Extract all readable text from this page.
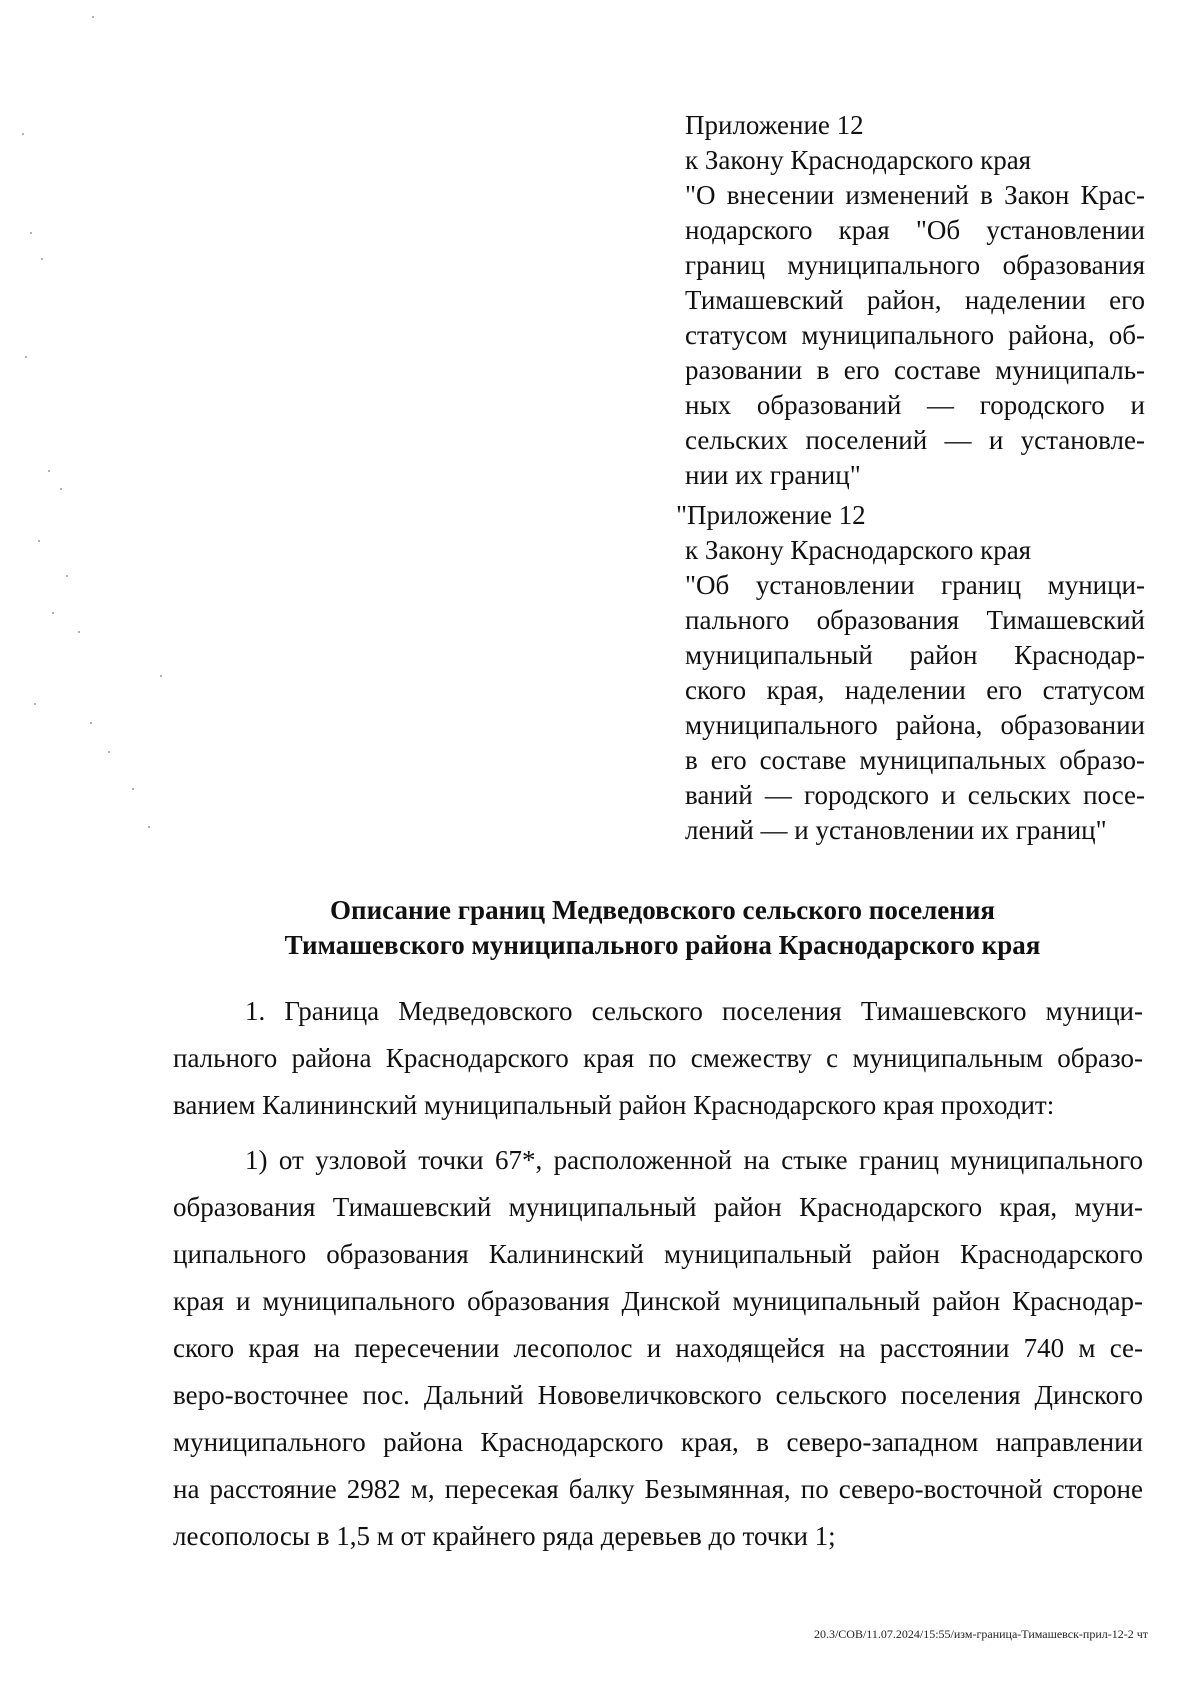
Приложение 12
к Закону Краснодарского края
"О внесении изменений в Закон Крас-
нодарского края "Об установлении
границ муниципального образования
Тимашевский район, наделении его
статусом муниципального района, об-
разовании в его составе муниципаль-
ных образований — городского и
сельских поселений — и установле-
нии их границ"
"Приложение 12
к Закону Краснодарского края
"Об установлении границ муници-
пального образования Тимашевский
муниципальный район Краснодар-
ского края, наделении его статусом
муниципального района, образовании
в его составе муниципальных образо-
ваний — городского и сельских посе-
лений — и установлении их границ"
Описание границ Медведовского сельского поселения
Тимашевского муниципального района Краснодарского края
1. Граница Медведовского сельского поселения Тимашевского муници-
пального района Краснодарского края по смежеству с муниципальным образо-
ванием Калининский муниципальный район Краснодарского края проходит:
1) от узловой точки 67*, расположенной на стыке границ муниципального
образования Тимашевский муниципальный район Краснодарского края, муни-
ципального образования Калининский муниципальный район Краснодарского
края и муниципального образования Динской муниципальный район Краснодар-
ского края на пересечении лесополос и находящейся на расстоянии 740 м се-
веро-восточнее пос. Дальний Нововеличковского сельского поселения Динского
муниципального района Краснодарского края, в северо-западном направлении
на расстояние 2982 м, пересекая балку Безымянная, по северо-восточной стороне
лесополосы в 1,5 м от крайнего ряда деревьев до точки 1;
20.3/СОВ/11.07.2024/15:55/изм-граница-Тимашевск-прил-12-2 чт
